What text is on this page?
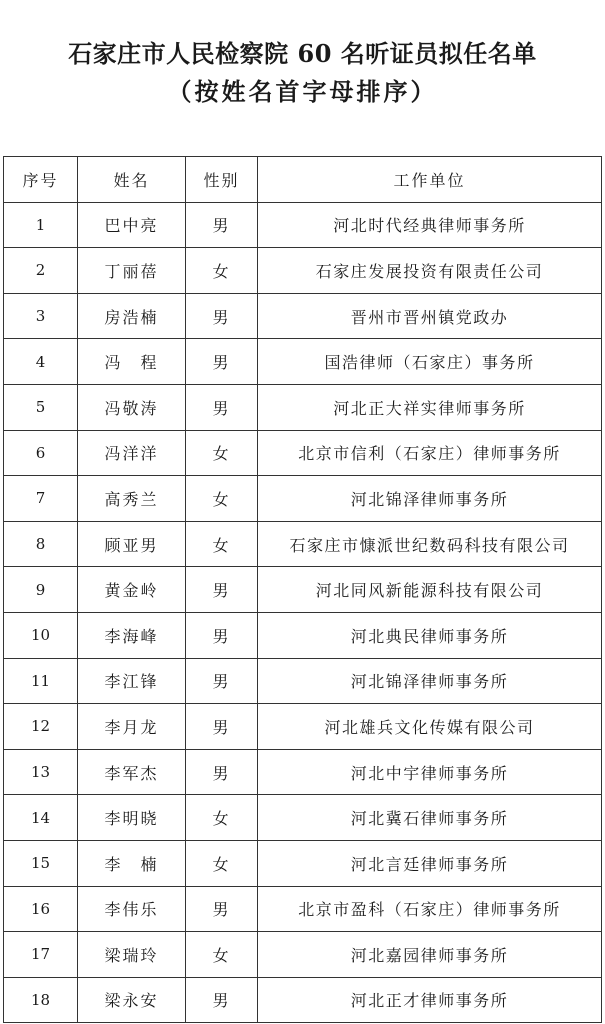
石家庄市人民检察院 60 名听证员拟任名单
（按姓名首字母排序）
序号	姓名	性别	工作单位
1	巴中亮	男	河北时代经典律师事务所
2	丁丽蓓	女	石家庄发展投资有限责任公司
3	房浩楠	男	晋州市晋州镇党政办
4	冯　程	男	国浩律师（石家庄）事务所
5	冯敬涛	男	河北正大祥实律师事务所
6	冯洋洋	女	北京市信利（石家庄）律师事务所
7	高秀兰	女	河北锦泽律师事务所
8	顾亚男	女	石家庄市慷派世纪数码科技有限公司
9	黄金岭	男	河北同风新能源科技有限公司
10	李海峰	男	河北典民律师事务所
11	李江锋	男	河北锦泽律师事务所
12	李月龙	男	河北雄兵文化传媒有限公司
13	李军杰	男	河北中宇律师事务所
14	李明晓	女	河北冀石律师事务所
15	李　楠	女	河北言廷律师事务所
16	李伟乐	男	北京市盈科（石家庄）律师事务所
17	梁瑞玲	女	河北嘉园律师事务所
18	梁永安	男	河北正才律师事务所
